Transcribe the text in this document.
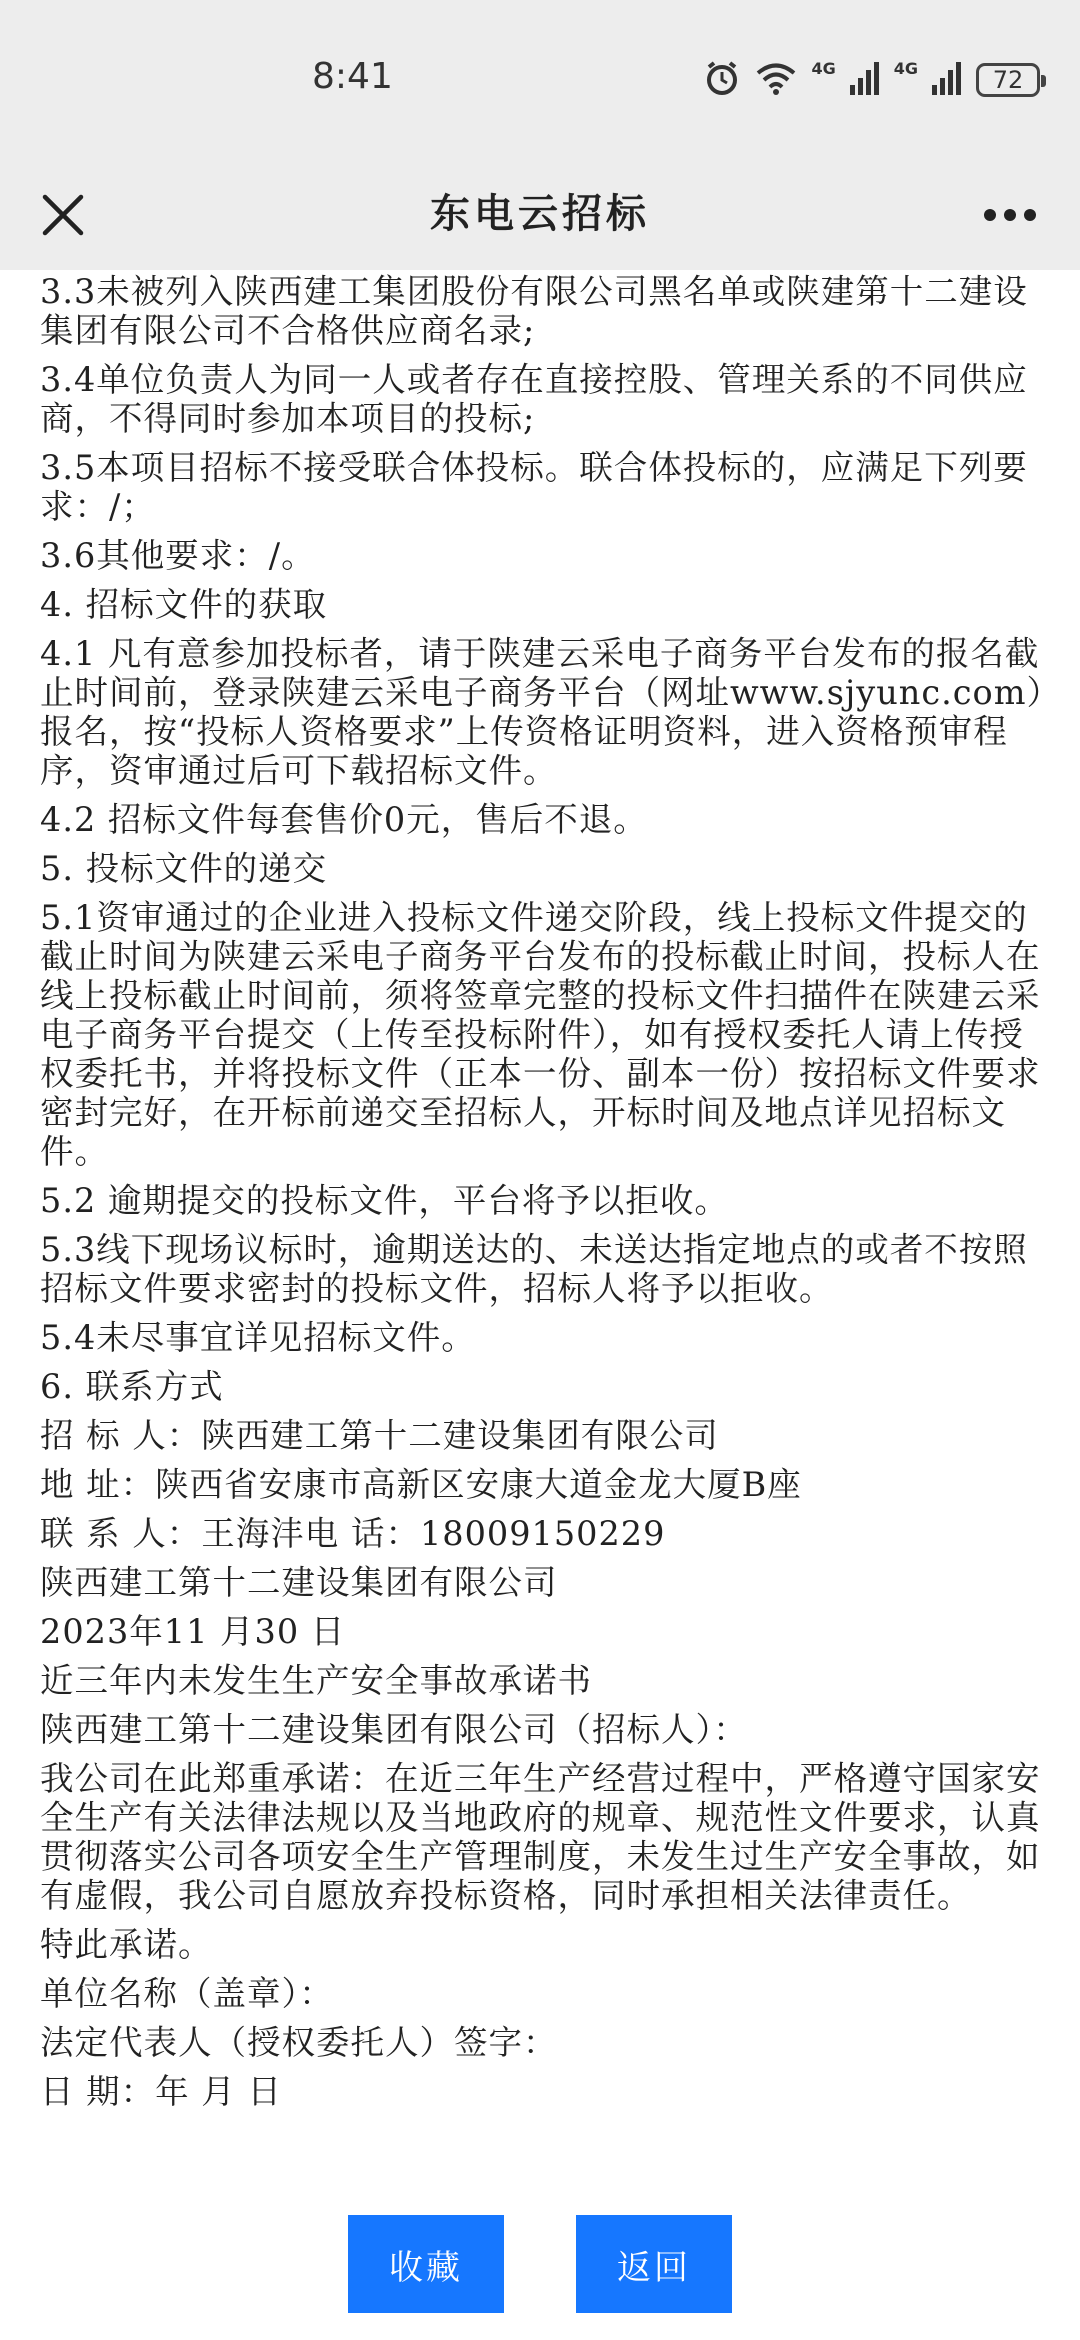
8:41	4G	4G	72
东电云招标

3.3未被列入陕西建工集团股份有限公司黑名单或陕建第十二建设集团有限公司不合格供应商名录;

3.4单位负责人为同一人或者存在直接控股、管理关系的不同供应商，不得同时参加本项目的投标;

3.5本项目招标不接受联合体投标。联合体投标的，应满足下列要求：/；

3.6其他要求：/。

4. 招标文件的获取

4.1 凡有意参加投标者，请于陕建云采电子商务平台发布的报名截止时间前，登录陕建云采电子商务平台（网址www.sjyunc.com）报名，按“投标人资格要求”上传资格证明资料，进入资格预审程序，资审通过后可下载招标文件。

4.2 招标文件每套售价0元，售后不退。

5. 投标文件的递交

5.1资审通过的企业进入投标文件递交阶段，线上投标文件提交的截止时间为陕建云采电子商务平台发布的投标截止时间，投标人在线上投标截止时间前，须将签章完整的投标文件扫描件在陕建云采电子商务平台提交（上传至投标附件），如有授权委托人请上传授权委托书，并将投标文件（正本一份、副本一份）按招标文件要求密封完好，在开标前递交至招标人，开标时间及地点详见招标文件。

5.2 逾期提交的投标文件，平台将予以拒收。

5.3线下现场议标时，逾期送达的、未送达指定地点的或者不按照招标文件要求密封的投标文件，招标人将予以拒收。

5.4未尽事宜详见招标文件。

6. 联系方式

招 标 人：陕西建工第十二建设集团有限公司

地 址：陕西省安康市高新区安康大道金龙大厦B座

联 系 人：王海沣电 话：18009150229

陕西建工第十二建设集团有限公司

2023年11 月30 日

近三年内未发生生产安全事故承诺书

陕西建工第十二建设集团有限公司（招标人）：

我公司在此郑重承诺：在近三年生产经营过程中，严格遵守国家安全生产有关法律法规以及当地政府的规章、规范性文件要求，认真贯彻落实公司各项安全生产管理制度，未发生过生产安全事故，如有虚假，我公司自愿放弃投标资格，同时承担相关法律责任。

特此承诺。

单位名称（盖章）：

法定代表人（授权委托人）签字：

日 期：年 月 日

收藏	返回
